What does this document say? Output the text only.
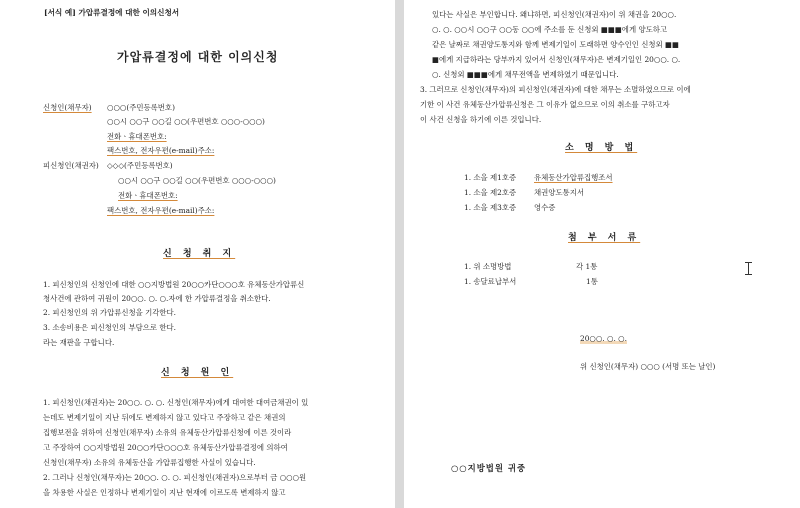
[서식 예] 가압류결정에 대한 이의신청서
가압류결정에 대한 이의신청
신청인(채무자) ○○○(주민등록번호)
○○시 ○○구 ○○길 ○○(우편번호 ○○○-○○○)
전화ㆍ휴대폰번호:
팩스번호, 전자우편(e-mail)주소:
피신청인(채권자) ◇◇◇(주민등록번호)
○○시 ○○구 ○○길 ○○(우편번호 ○○○-○○○)
전화ㆍ휴대폰번호:
팩스번호, 전자우편(e-mail)주소:
신 청 취 지
1. 피신청인의 신청인에 대한 ○○지방법원 20○○카단○○○호 유체동산가압류신
청사건에 관하여 귀원이 20○○. ○. ○.자에 한 가압류결정을 취소한다.
2. 피신청인의 위 가압류신청을 기각한다.
3. 소송비용은 피신청인의 부담으로 한다.
라는 재판을 구합니다.
신 청 원 인
1. 피신청인(채권자)는 20○○. ○. ○. 신청인(채무자)에게 대여한 대여금채권이 있
는데도 변제기일이 지난 뒤에도 변제하지 않고 있다고 주장하고 같은 채권의
집행보전을 위하여 신청인(채무자) 소유의 유체동산가압류신청에 이른 것이라
고 주장하여 ○○지방법원 20○○카단○○○호 유체동산가압류결정에 의하여
신청인(채무자) 소유의 유체동산을 가압류집행한 사실이 있습니다.
2. 그러나 신청인(채무자)는 20○○. ○. ○. 피신청인(채권자)으로부터 금 ○○○원
을 차용한 사실은 인정하나 변제기일이 지난 현재에 이르도록 변제하지 않고
있다는 사실은 부인합니다. 왜냐하면, 피신청인(채권자)이 위 채권을 20○○.
○. ○. ○○시 ○○구 ○○동 ○○에 주소를 둔 신청외 ■■■에게 양도하고
같은 날짜로 채권양도통지와 함께 변제기일이 도래하면 양수인인 신청외 ■■
■에게 지급하라는 당부까지 있어서 신청인(채무자)은 변제기일인 20○○. ○.
○. 신청외 ■■■에게 채무전액을 변제하였기 때문입니다.
3. 그러므로 신청인(채무자)의 피신청인(채권자)에 대한 채무는 소멸하였으므로 이에
기한 이 사건 유체동산가압류신청은 그 이유가 없으므로 이의 취소를 구하고자
이 사건 신청을 하기에 이른 것입니다.
소 명 방 법
1. 소을 제1호증 유체동산가압류집행조서
1. 소을 제2호증 채권양도통지서
1. 소을 제3호증 영수증
첨 부 서 류
1. 위 소명방법	각 1통
1. 송달료납부서	1통
20○○. ○. ○.
위 신청인(채무자) ○○○ (서명 또는 날인)
○○지방법원 귀중
